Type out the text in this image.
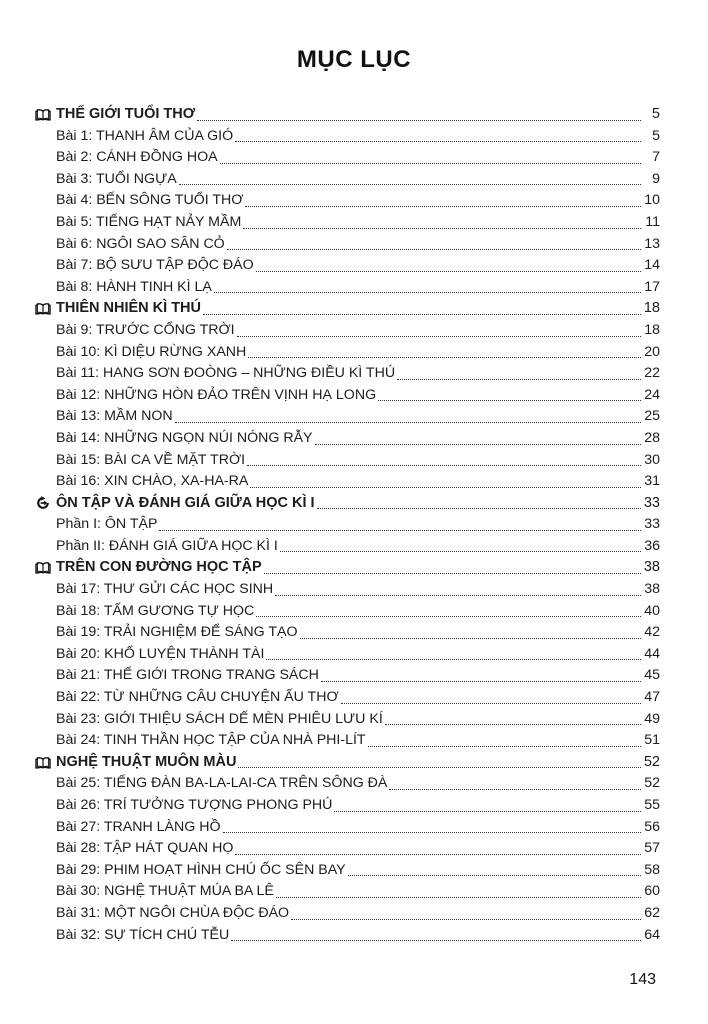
MỤC LỤC
THẾ GIỚI TUỔI THƠ	5
Bài 1: THANH ÂM CỦA GIÓ	5
Bài 2: CÁNH ĐỒNG HOA	7
Bài 3: TUỔI NGỰA	9
Bài 4: BẾN SÔNG TUỔI THƠ	10
Bài 5: TIẾNG HẠT NẢY MẦM	11
Bài 6: NGÔI SAO SÂN CỎ	13
Bài 7: BỘ SƯU TẬP ĐỘC ĐÁO	14
Bài 8: HÀNH TINH KÌ LẠ	17
THIÊN NHIÊN KÌ THÚ	18
Bài 9: TRƯỚC CỔNG TRỜI	18
Bài 10: KÌ DIỆU RỪNG XANH	20
Bài 11: HANG SƠN ĐOÒNG – NHỮNG ĐIỀU KÌ THÚ	22
Bài 12: NHỮNG HÒN ĐẢO TRÊN VỊNH HẠ LONG	24
Bài 13: MẦM NON	25
Bài 14: NHỮNG NGỌN NÚI NÓNG RẪY	28
Bài 15: BÀI CA VỀ MẶT TRỜI	30
Bài 16: XIN CHÀO, XA-HA-RA	31
ÔN TẬP VÀ ĐÁNH GIÁ GIỮA HỌC KÌ I	33
Phần I: ÔN TẬP	33
Phần II: ĐÁNH GIÁ GIỮA HỌC KÌ I	36
TRÊN CON ĐƯỜNG HỌC TẬP	38
Bài 17: THƯ GỬI CÁC HỌC SINH	38
Bài 18: TẤM GƯƠNG TỰ HỌC	40
Bài 19: TRẢI NGHIỆM ĐỂ SÁNG TẠO	42
Bài 20: KHỔ LUYỆN THÀNH TÀI	44
Bài 21: THẾ GIỚI TRONG TRANG SÁCH	45
Bài 22: TỪ NHỮNG CÂU CHUYỆN ẤU THƠ	47
Bài 23: GIỚI THIỆU SÁCH DẾ MÈN PHIÊU LƯU KÍ	49
Bài 24: TINH THẦN HỌC TẬP CỦA NHÀ PHI-LÍT	51
NGHỆ THUẬT MUÔN MÀU	52
Bài 25: TIẾNG ĐÀN BA-LA-LAI-CA TRÊN SÔNG ĐÀ	52
Bài 26: TRÍ TƯỞNG TƯỢNG PHONG PHÚ	55
Bài 27: TRANH LÀNG HỒ	56
Bài 28: TẬP HÁT QUAN HỌ	57
Bài 29: PHIM HOẠT HÌNH CHÚ ỐC SÊN BAY	58
Bài 30: NGHỆ THUẬT MÚA BA LÊ	60
Bài 31: MỘT NGÔI CHÙA ĐỘC ĐÁO	62
Bài 32: SỰ TÍCH CHÚ TỄU	64
143
